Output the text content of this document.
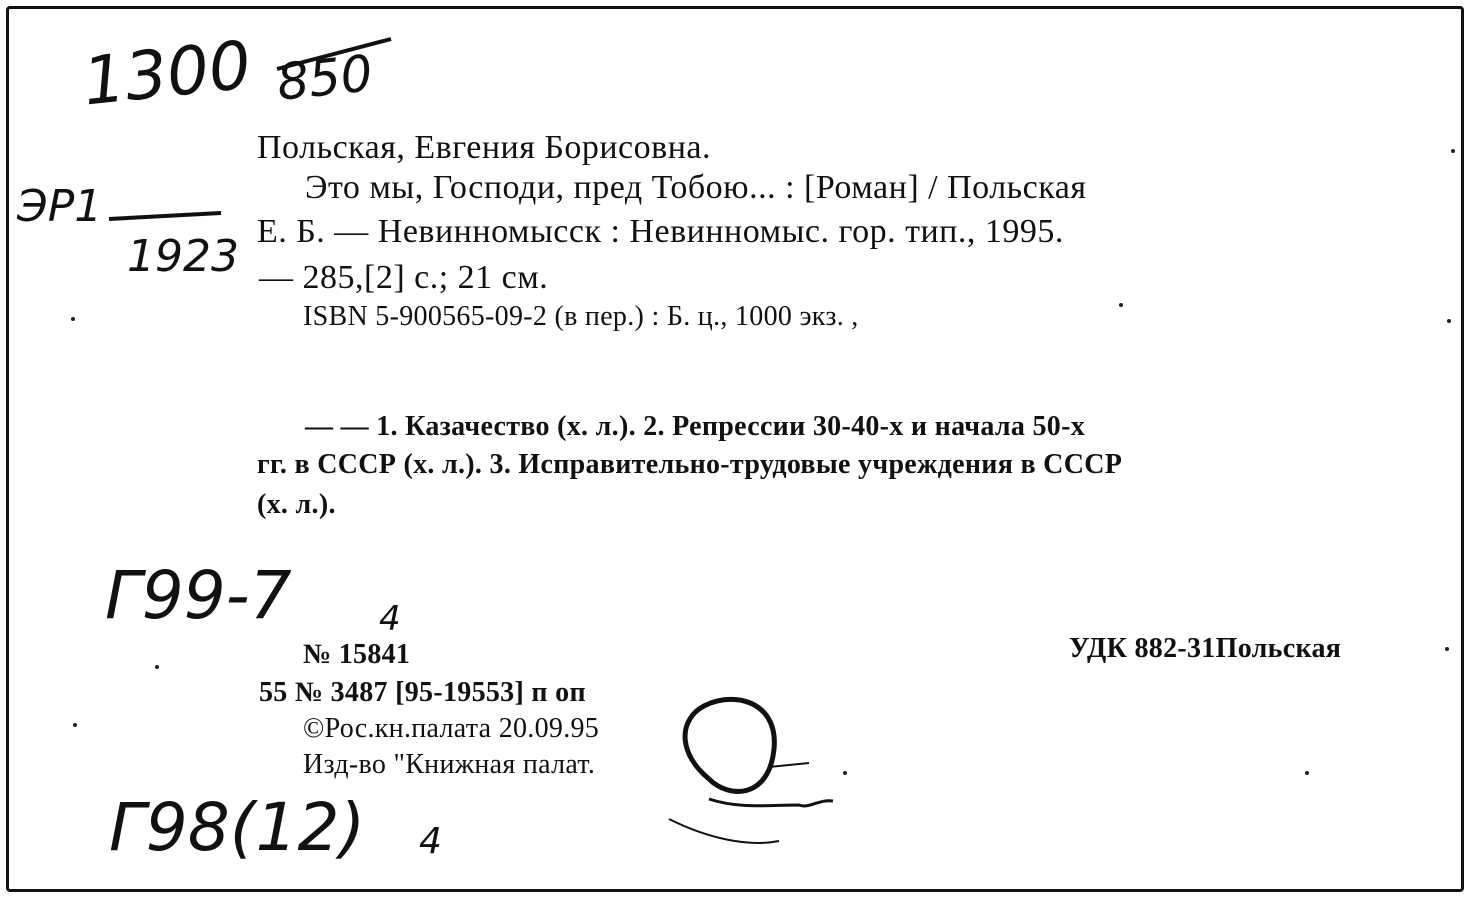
1300 850
ЭР1
1923
Г99-7	4
Г98(12) 4
Польская, Евгения Борисовна.
Это мы, Господи, пред Тобою... : [Роман] / Польская
Е. Б. — Невинномысск : Невинномыс. гор. тип., 1995.
— 285,[2] с.; 21 см.
ISBN 5-900565-09-2 (в пер.) : Б. ц., 1000 экз. ,
— — 1. Казачество (х. л.). 2. Репрессии 30-40-х и начала 50-х
гг. в СССР (х. л.). 3. Исправительно-трудовые учреждения в СССР
(х. л.).
№ 15841	УДК 882-31Польская
55 № 3487 [95-19553] п оп
©Рос.кн.палата 20.09.95
Изд-во "Книжная палат.
